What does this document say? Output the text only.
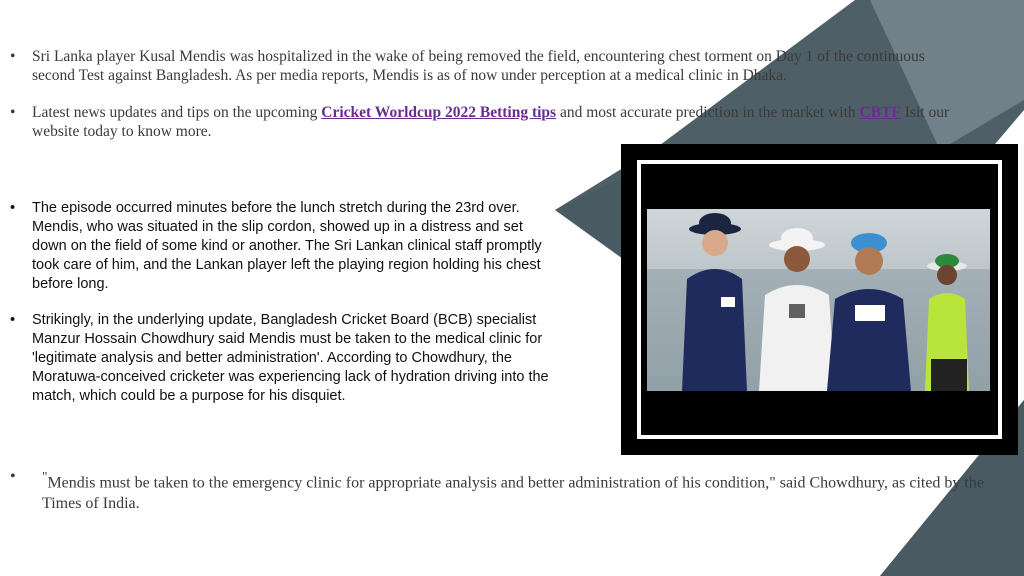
•	Sri Lanka player Kusal Mendis was hospitalized in the wake of being removed the field, encountering chest torment on Day 1 of the continuous second Test against Bangladesh. As per media reports, Mendis is as of now under perception at a medical clinic in Dhaka.
•	Latest news updates and tips on the upcoming Cricket Worldcup 2022 Betting tips and most accurate prediction in the market with CBTF Isit our website today to know more.
•	The episode occurred minutes before the lunch stretch during the 23rd over. Mendis, who was situated in the slip cordon, showed up in a distress and set down on the field of some kind or another. The Sri Lankan clinical staff promptly took care of him, and the Lankan player left the playing region holding his chest before long.
•	Strikingly, in the underlying update, Bangladesh Cricket Board (BCB) specialist Manzur Hossain Chowdhury said Mendis must be taken to the medical clinic for 'legitimate analysis and better administration'. According to Chowdhury, the Moratuwa-conceived cricketer was experiencing lack of hydration driving into the match, which could be a purpose for his disquiet.
•	"Mendis must be taken to the emergency clinic for appropriate analysis and better administration of his condition," said Chowdhury, as cited by the Times of India.
